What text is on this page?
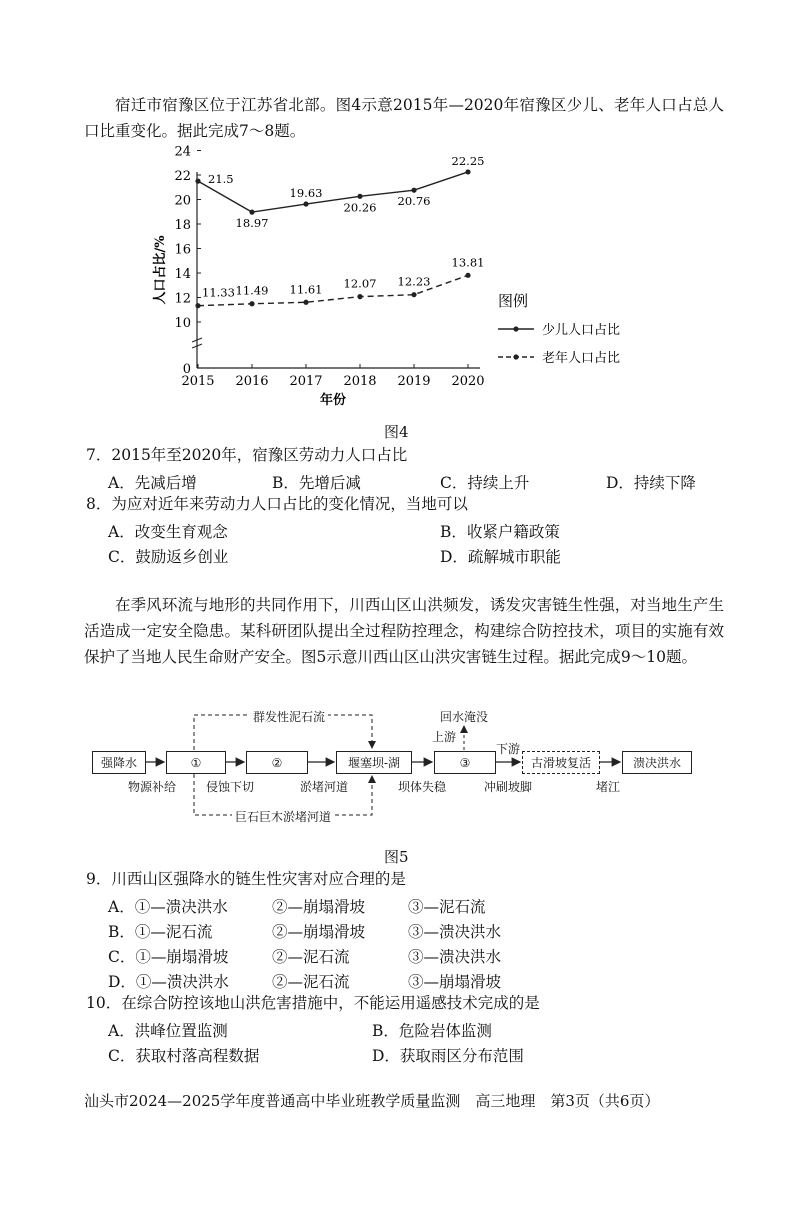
宿迁市宿豫区位于江苏省北部。图4示意2015年—2020年宿豫区少儿、老年人口占总人口比重变化。据此完成7～8题。
0
10
12
14
16
18
20
22
24
2015 2016 2017 2018 2019 2020
年份
人口占比/%
21.5
18.97
19.63
20.26 20.76
22.25
11.33 11.49 11.61 12.07 12.23
13.81
图例
少儿人口占比
老年人口占比
图4
7．2015年至2020年，宿豫区劳动力人口占比
A．先减后增	B．先增后减	C．持续上升	D．持续下降
8．为应对近年来劳动力人口占比的变化情况，当地可以
A．改变生育观念	B．收紧户籍政策
C．鼓励返乡创业	D．疏解城市职能
在季风环流与地形的共同作用下，川西山区山洪频发，诱发灾害链生性强，对当地生产生活造成一定安全隐患。某科研团队提出全过程防控理念，构建综合防控技术，项目的实施有效保护了当地人民生命财产安全。图5示意川西山区山洪灾害链生过程。据此完成9～10题。
强降水	①	②	堰塞坝-湖	③	古滑坡复活	溃决洪水
物源补给 侵蚀下切	淤堵河道	坝体失稳	冲刷坡脚	堵江
群发性泥石流
巨石巨木淤堵河道
回水淹没
上游
下游
图5
9．川西山区强降水的链生性灾害对应合理的是
A．①—溃决洪水	②—崩塌滑坡	③—泥石流
B．①—泥石流	②—崩塌滑坡	③—溃决洪水
C．①—崩塌滑坡	②—泥石流	③—溃决洪水
D．①—溃决洪水	②—泥石流	③—崩塌滑坡
10．在综合防控该地山洪危害措施中，不能运用遥感技术完成的是
A．洪峰位置监测	B．危险岩体监测
C．获取村落高程数据	D．获取雨区分布范围
汕头市2024—2025学年度普通高中毕业班教学质量监测　高三地理　第3页（共6页）
